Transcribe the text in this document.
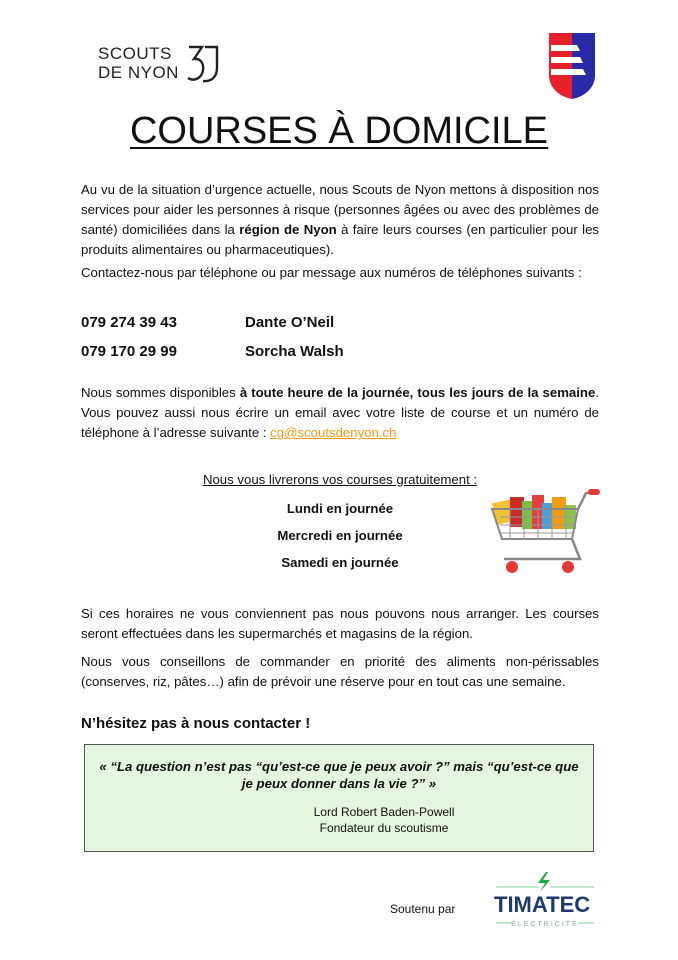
SCOUTS
DE NYON
COURSES À DOMICILE
Au vu de la situation d’urgence actuelle, nous Scouts de Nyon mettons à disposition nos services pour aider les personnes à risque (personnes âgées ou avec des problèmes de santé) domiciliées dans la région de Nyon à faire leurs courses (en particulier pour les produits alimentaires ou pharmaceutiques).
Contactez-nous par téléphone ou par message aux numéros de téléphones suivants :
079 274 39 43	Dante O’Neil
079 170 29 99	Sorcha Walsh
Nous sommes disponibles à toute heure de la journée, tous les jours de la semaine. Vous pouvez aussi nous écrire un email avec votre liste de course et un numéro de téléphone à l’adresse suivante : cg@scoutsdenyon.ch
Nous vous livrerons vos courses gratuitement :
Lundi en journée
Mercredi en journée
Samedi en journée
Si ces horaires ne vous conviennent pas nous pouvons nous arranger. Les courses seront effectuées dans les supermarchés et magasins de la région.
Nous vous conseillons de commander en priorité des aliments non-périssables (conserves, riz, pâtes…) afin de prévoir une réserve pour en tout cas une semaine.
N’hésitez pas à nous contacter !
« “La question n’est pas “qu’est-ce que je peux avoir ?” mais “qu’est-ce que je peux donner dans la vie ?” »
Lord Robert Baden-Powell
Fondateur du scoutisme
Soutenu par TIMATEC
ÉLECTRICITÉ
